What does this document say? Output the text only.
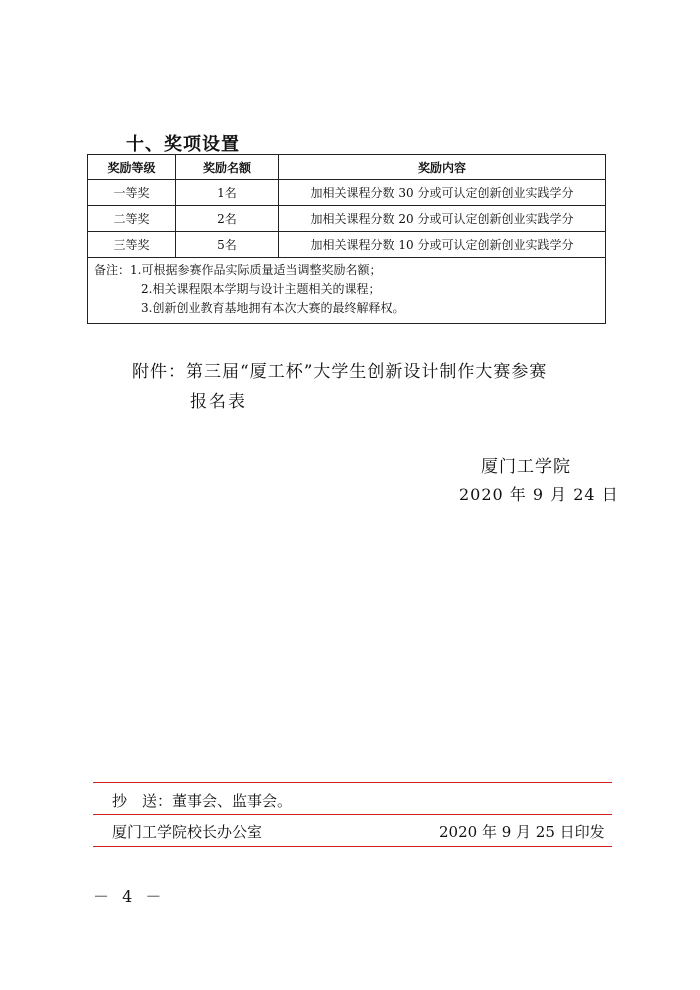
十、奖项设置
奖励等级	奖励名额	奖励内容
一等奖	1名	加相关课程分数 30 分或可认定创新创业实践学分
二等奖	2名	加相关课程分数 20 分或可认定创新创业实践学分
三等奖	5名	加相关课程分数 10 分或可认定创新创业实践学分

备注：1.可根据参赛作品实际质量适当调整奖励名额；
2.相关课程限本学期与设计主题相关的课程；
3.创新创业教育基地拥有本次大赛的最终解释权。		
附件：第三届“厦工杯”大学生创新设计制作大赛参赛
报名表
厦门工学院
2020 年 9 月 24 日
抄　送：董事会、监事会。
厦门工学院校长办公室	2020 年 9 月 25 日印发
－ 4 －
